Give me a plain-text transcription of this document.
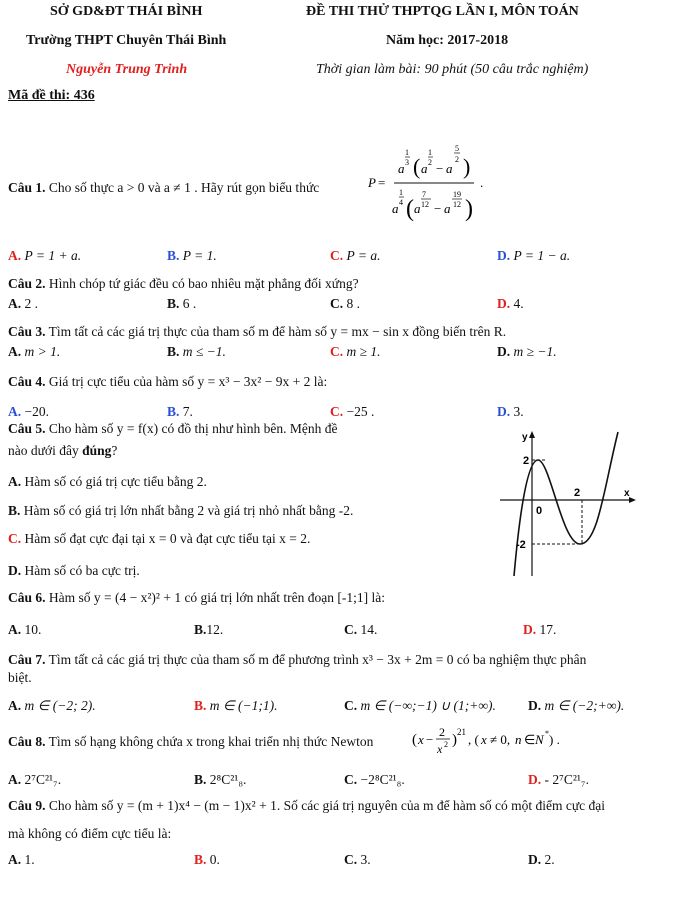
SỞ GD&ĐT THÁI BÌNH	ĐỀ THI THỬ THPTQG LẦN I, MÔN TOÁN
Trường THPT Chuyên Thái Bình	Năm học: 2017-2018
Nguyễn Trung Trinh	Thời gian làm bài: 90 phút (50 câu trắc nghiệm)
Mã đề thi: 436
Câu 1. Cho số thực a > 0 và a ≠ 1 . Hãy rút gọn biểu thức	P =
a
1
3 ( a
1
2 − a
5
2 )
a
1
4 ( a
7
12 − a
19
12 )
.
A. P = 1 + a.	B. P = 1.	C. P = a.	D. P = 1 − a.
Câu 2. Hình chóp tứ giác đều có bao nhiêu mặt phẳng đối xứng?
A. 2 .	B. 6 .	C. 8 .	D. 4.
Câu 3. Tìm tất cả các giá trị thực của tham số m để hàm số y = mx − sin x đồng biến trên R.
A. m > 1.	B. m ≤ −1.	C. m ≥ 1.	D. m ≥ −1.
Câu 4. Giá trị cực tiểu của hàm số y = x³ − 3x² − 9x + 2 là:
A. −20.	B. 7.	C. −25 .	D. 3.
Câu 5. Cho hàm số y = f(x) có đồ thị như hình bên. Mệnh đề
nào dưới đây đúng?
A. Hàm số có giá trị cực tiểu bằng 2.
B. Hàm số có giá trị lớn nhất bằng 2 và giá trị nhỏ nhất bằng -2.
C. Hàm số đạt cực đại tại x = 0 và đạt cực tiểu tại x = 2.
D. Hàm số có ba cực trị.
y
x
0
2
-2
2
Câu 6. Hàm số y = (4 − x²)² + 1 có giá trị lớn nhất trên đoạn [-1;1] là:
A. 10.	B.12.	C. 14.	D. 17.
Câu 7. Tìm tất cả các giá trị thực của tham số m để phương trình x³ − 3x + 2m = 0 có ba nghiệm thực phân
biệt.
A. m ∈ (−2; 2).	B. m ∈ (−1;1).	C. m ∈ (−∞;−1) ∪ (1;+∞). D. m ∈ (−2;+∞).
Câu 8. Tìm số hạng không chứa x trong khai triển nhị thức Newton	( x − 2
x 2 ) 21 , ( x ≠ 0, n ∈ N * ) .
A. 2⁷C²¹₇.	B. 2⁸C²¹₈.	C. −2⁸C²¹₈.	D. - 2⁷C²¹₇.
Câu 9. Cho hàm số y = (m + 1)x⁴ − (m − 1)x² + 1. Số các giá trị nguyên của m để hàm số có một điểm cực đại
mà không có điểm cực tiểu là:
A. 1.	B. 0.	C. 3.	D. 2.
